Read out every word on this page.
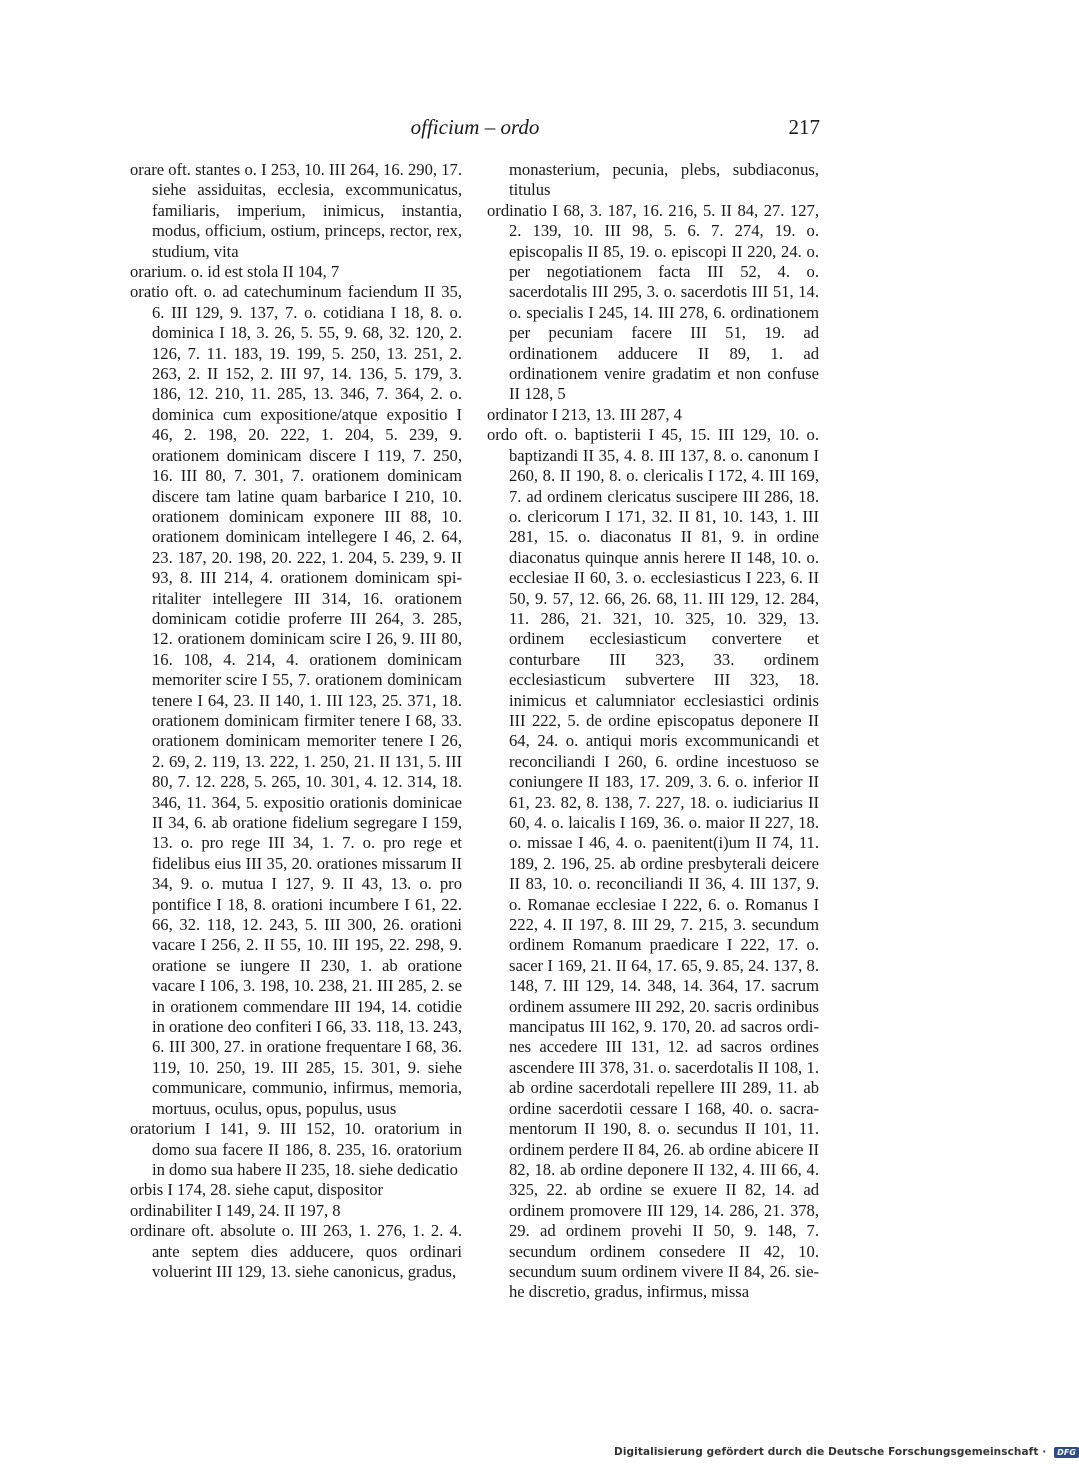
officium – ordo	217

orare oft. stantes o. I 253, 10. III 264, 16. 290, 17. siehe assiduitas, ecclesia, excommunicatus, familiaris, imperium, inimicus, instantia, modus, officium, ostium, princeps, rector, rex, studium, vita

orarium. o. id est stola II 104, 7

oratio oft. o. ad catechuminum faciendum II 35, 6. III 129, 9. 137, 7. o. cotidiana I 18, 8. o. dominica I 18, 3. 26, 5. 55, 9. 68, 32. 120, 2. 126, 7. 11. 183, 19. 199, 5. 250, 13. 251, 2. 263, 2. II 152, 2. III 97, 14. 136, 5. 179, 3. 186, 12. 210, 11. 285, 13. 346, 7. 364, 2. o. dominica cum expositione/atque expositio I 46, 2. 198, 20. 222, 1. 204, 5. 239, 9. orationem dominicam discere I 119, 7. 250, 16. III 80, 7. 301, 7. orationem dominicam discere tam latine quam barbarice I 210, 10. orationem dominicam exponere III 88, 10. orationem dominicam intellegere I 46, 2. 64, 23. 187, 20. 198, 20. 222, 1. 204, 5. 239, 9. II 93, 8. III 214, 4. orationem dominicam spiritaliter intellegere III 314, 16. orationem dominicam cotidie proferre III 264, 3. 285, 12. orationem dominicam scire I 26, 9. III 80, 16. 108, 4. 214, 4. orationem dominicam memoriter scire I 55, 7. orationem dominicam tenere I 64, 23. II 140, 1. III 123, 25. 371, 18. orationem dominicam firmiter tenere I 68, 33. orationem dominicam memoriter tenere I 26, 2. 69, 2. 119, 13. 222, 1. 250, 21. II 131, 5. III 80, 7. 12. 228, 5. 265, 10. 301, 4. 12. 314, 18. 346, 11. 364, 5. expositio orationis dominicae II 34, 6. ab oratione fidelium segregare I 159, 13. o. pro rege III 34, 1. 7. o. pro rege et fidelibus eius III 35, 20. orationes missarum II 34, 9. o. mutua I 127, 9. II 43, 13. o. pro pontifice I 18, 8. orationi incumbere I 61, 22. 66, 32. 118, 12. 243, 5. III 300, 26. orationi vacare I 256, 2. II 55, 10. III 195, 22. 298, 9. oratione se iungere II 230, 1. ab oratione vacare I 106, 3. 198, 10. 238, 21. III 285, 2. se in orationem commendare III 194, 14. cotidie in oratione deo confiteri I 66, 33. 118, 13. 243, 6. III 300, 27. in oratione frequentare I 68, 36. 119, 10. 250, 19. III 285, 15. 301, 9. siehe communicare, communio, infirmus, memoria, mortuus, oculus, opus, populus, usus

oratorium I 141, 9. III 152, 10. oratorium in domo sua facere II 186, 8. 235, 16. oratorium in domo sua habere II 235, 18. siehe dedicatio

orbis I 174, 28. siehe caput, dispositor

ordinabiliter I 149, 24. II 197, 8

ordinare oft. absolute o. III 263, 1. 276, 1. 2. 4. ante septem dies adducere, quos ordinari voluerint III 129, 13. siehe canonicus, gradus,

monasterium, pecunia, plebs, subdiaconus, titulus

ordinatio I 68, 3. 187, 16. 216, 5. II 84, 27. 127, 2. 139, 10. III 98, 5. 6. 7. 274, 19. o. episcopalis II 85, 19. o. episcopi II 220, 24. o. per negotiationem facta III 52, 4. o. sacerdotalis III 295, 3. o. sacerdotis III 51, 14. o. specialis I 245, 14. III 278, 6. ordinationem per pecuniam facere III 51, 19. ad ordinationem adducere II 89, 1. ad ordinationem venire gradatim et non confuse II 128, 5

ordinator I 213, 13. III 287, 4

ordo oft. o. baptisterii I 45, 15. III 129, 10. o. baptizandi II 35, 4. 8. III 137, 8. o. canonum I 260, 8. II 190, 8. o. clericalis I 172, 4. III 169, 7. ad ordinem clericatus suscipere III 286, 18. o. clericorum I 171, 32. II 81, 10. 143, 1. III 281, 15. o. diaconatus II 81, 9. in ordine diaconatus quinque annis herere II 148, 10. o. ecclesiae II 60, 3. o. ecclesiasticus I 223, 6. II 50, 9. 57, 12. 66, 26. 68, 11. III 129, 12. 284, 11. 286, 21. 321, 10. 325, 10. 329, 13. ordinem ecclesiasticum convertere et conturbare III 323, 33. ordinem ecclesiasticum subvertere III 323, 18. inimicus et calumniator ecclesiastici ordinis III 222, 5. de ordine episcopatus deponere II 64, 24. o. antiqui moris excommunicandi et reconciliandi I 260, 6. ordine incestuoso se coniungere II 183, 17. 209, 3. 6. o. inferior II 61, 23. 82, 8. 138, 7. 227, 18. o. iudiciarius II 60, 4. o. laicalis I 169, 36. o. maior II 227, 18. o. missae I 46, 4. o. paenitent(i)um II 74, 11. 189, 2. 196, 25. ab ordine presbyterali deicere II 83, 10. o. reconciliandi II 36, 4. III 137, 9. o. Romanae ecclesiae I 222, 6. o. Romanus I 222, 4. II 197, 8. III 29, 7. 215, 3. secundum ordinem Romanum praedicare I 222, 17. o. sacer I 169, 21. II 64, 17. 65, 9. 85, 24. 137, 8. 148, 7. III 129, 14. 348, 14. 364, 17. sacrum ordinem assumere III 292, 20. sacris ordinibus mancipatus III 162, 9. 170, 20. ad sacros ordines accedere III 131, 12. ad sacros ordines ascendere III 378, 31. o. sacerdotalis II 108, 1. ab ordine sacerdotali repellere III 289, 11. ab ordine sacerdotii cessare I 168, 40. o. sacramentorum II 190, 8. o. secundus II 101, 11. ordinem perdere II 84, 26. ab ordine abicere II 82, 18. ab ordine deponere II 132, 4. III 66, 4. 325, 22. ab ordine se exuere II 82, 14. ad ordinem promovere III 129, 14. 286, 21. 378, 29. ad ordinem provehi II 50, 9. 148, 7. secundum ordinem consedere II 42, 10. secundum suum ordinem vivere II 84, 26. siehe discretio, gradus, infirmus, missa

Digitalisierung gefördert durch die Deutsche Forschungsgemeinschaft · DFG
